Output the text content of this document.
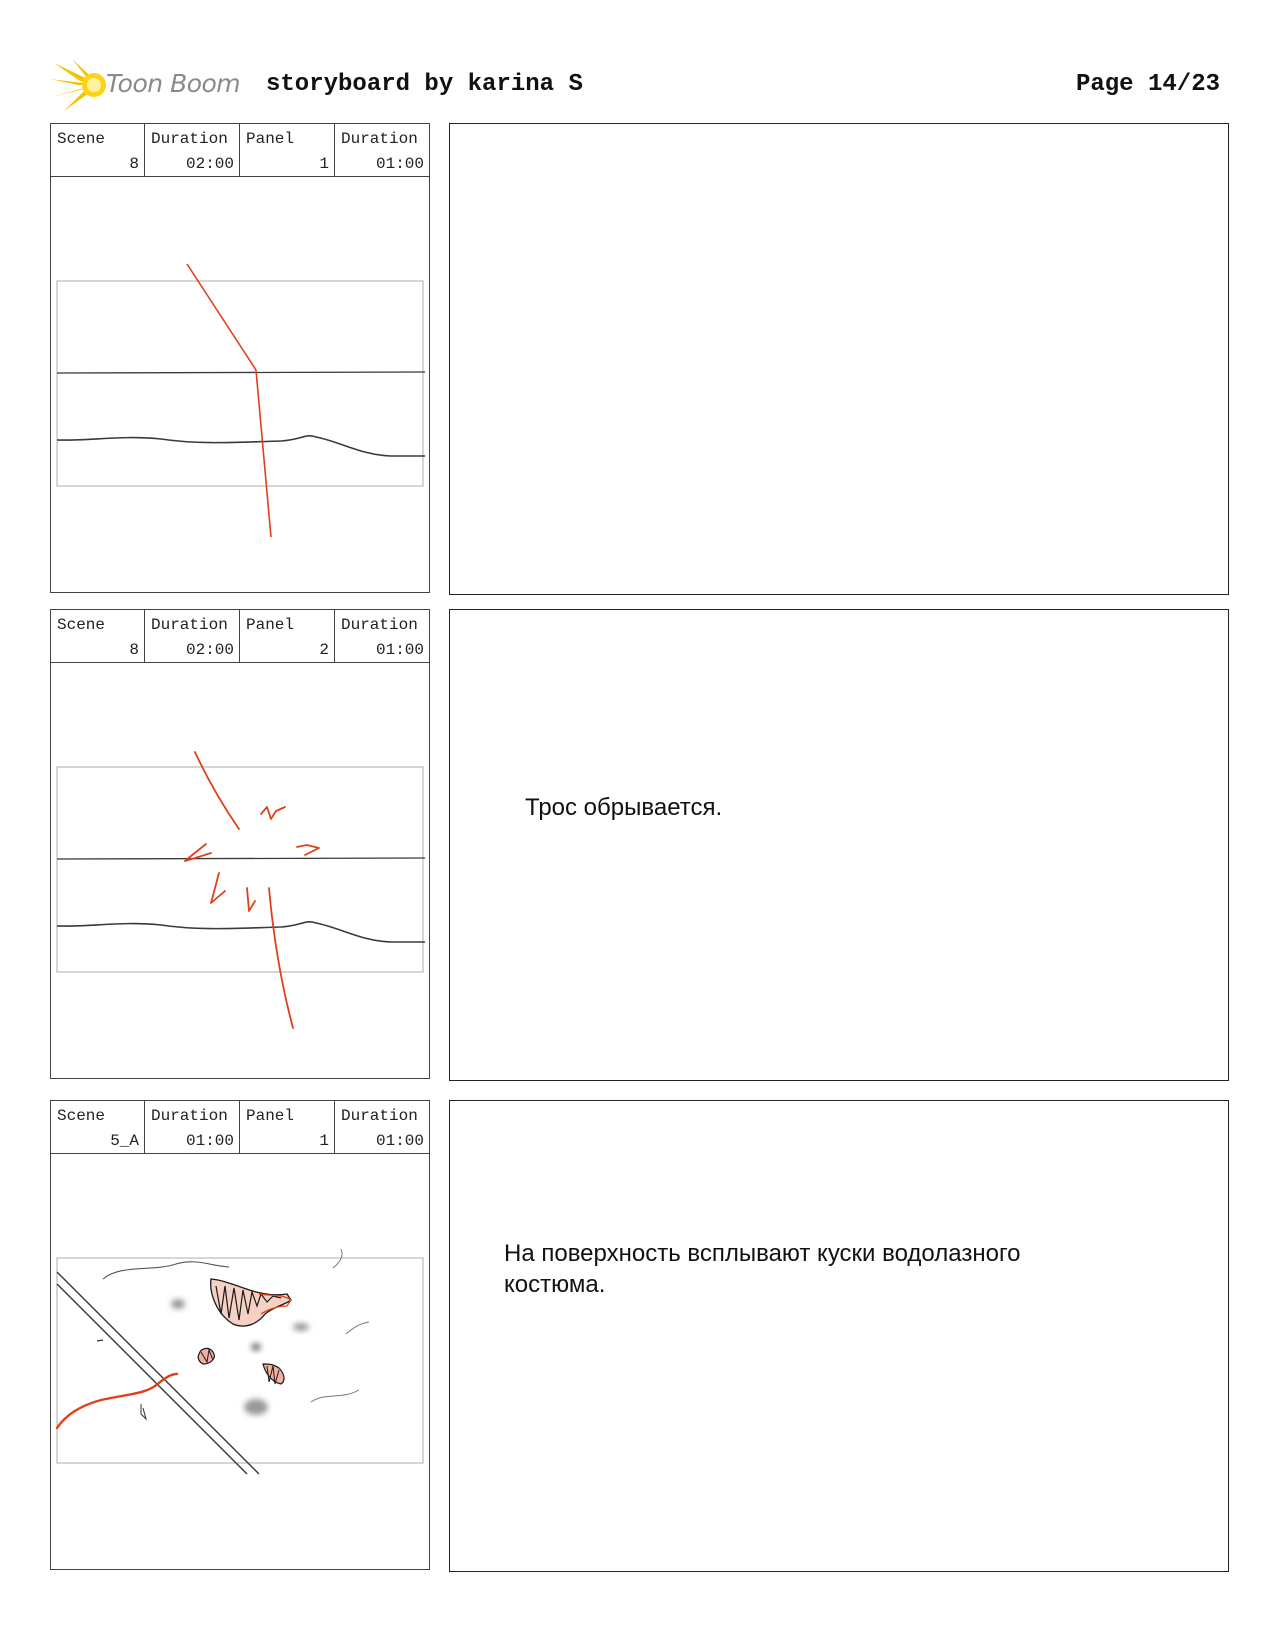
Toon Boom storyboard by karina S	Page 14/23
Scene
8
Duration
02:00
Panel
1
Duration
01:00
Scene
8
Duration
02:00
Panel
2
Duration
01:00
Трос обрывается.
Scene
5_A
Duration
01:00
Panel
1
Duration
01:00
На поверхность всплывают куски водолазного костюма.
